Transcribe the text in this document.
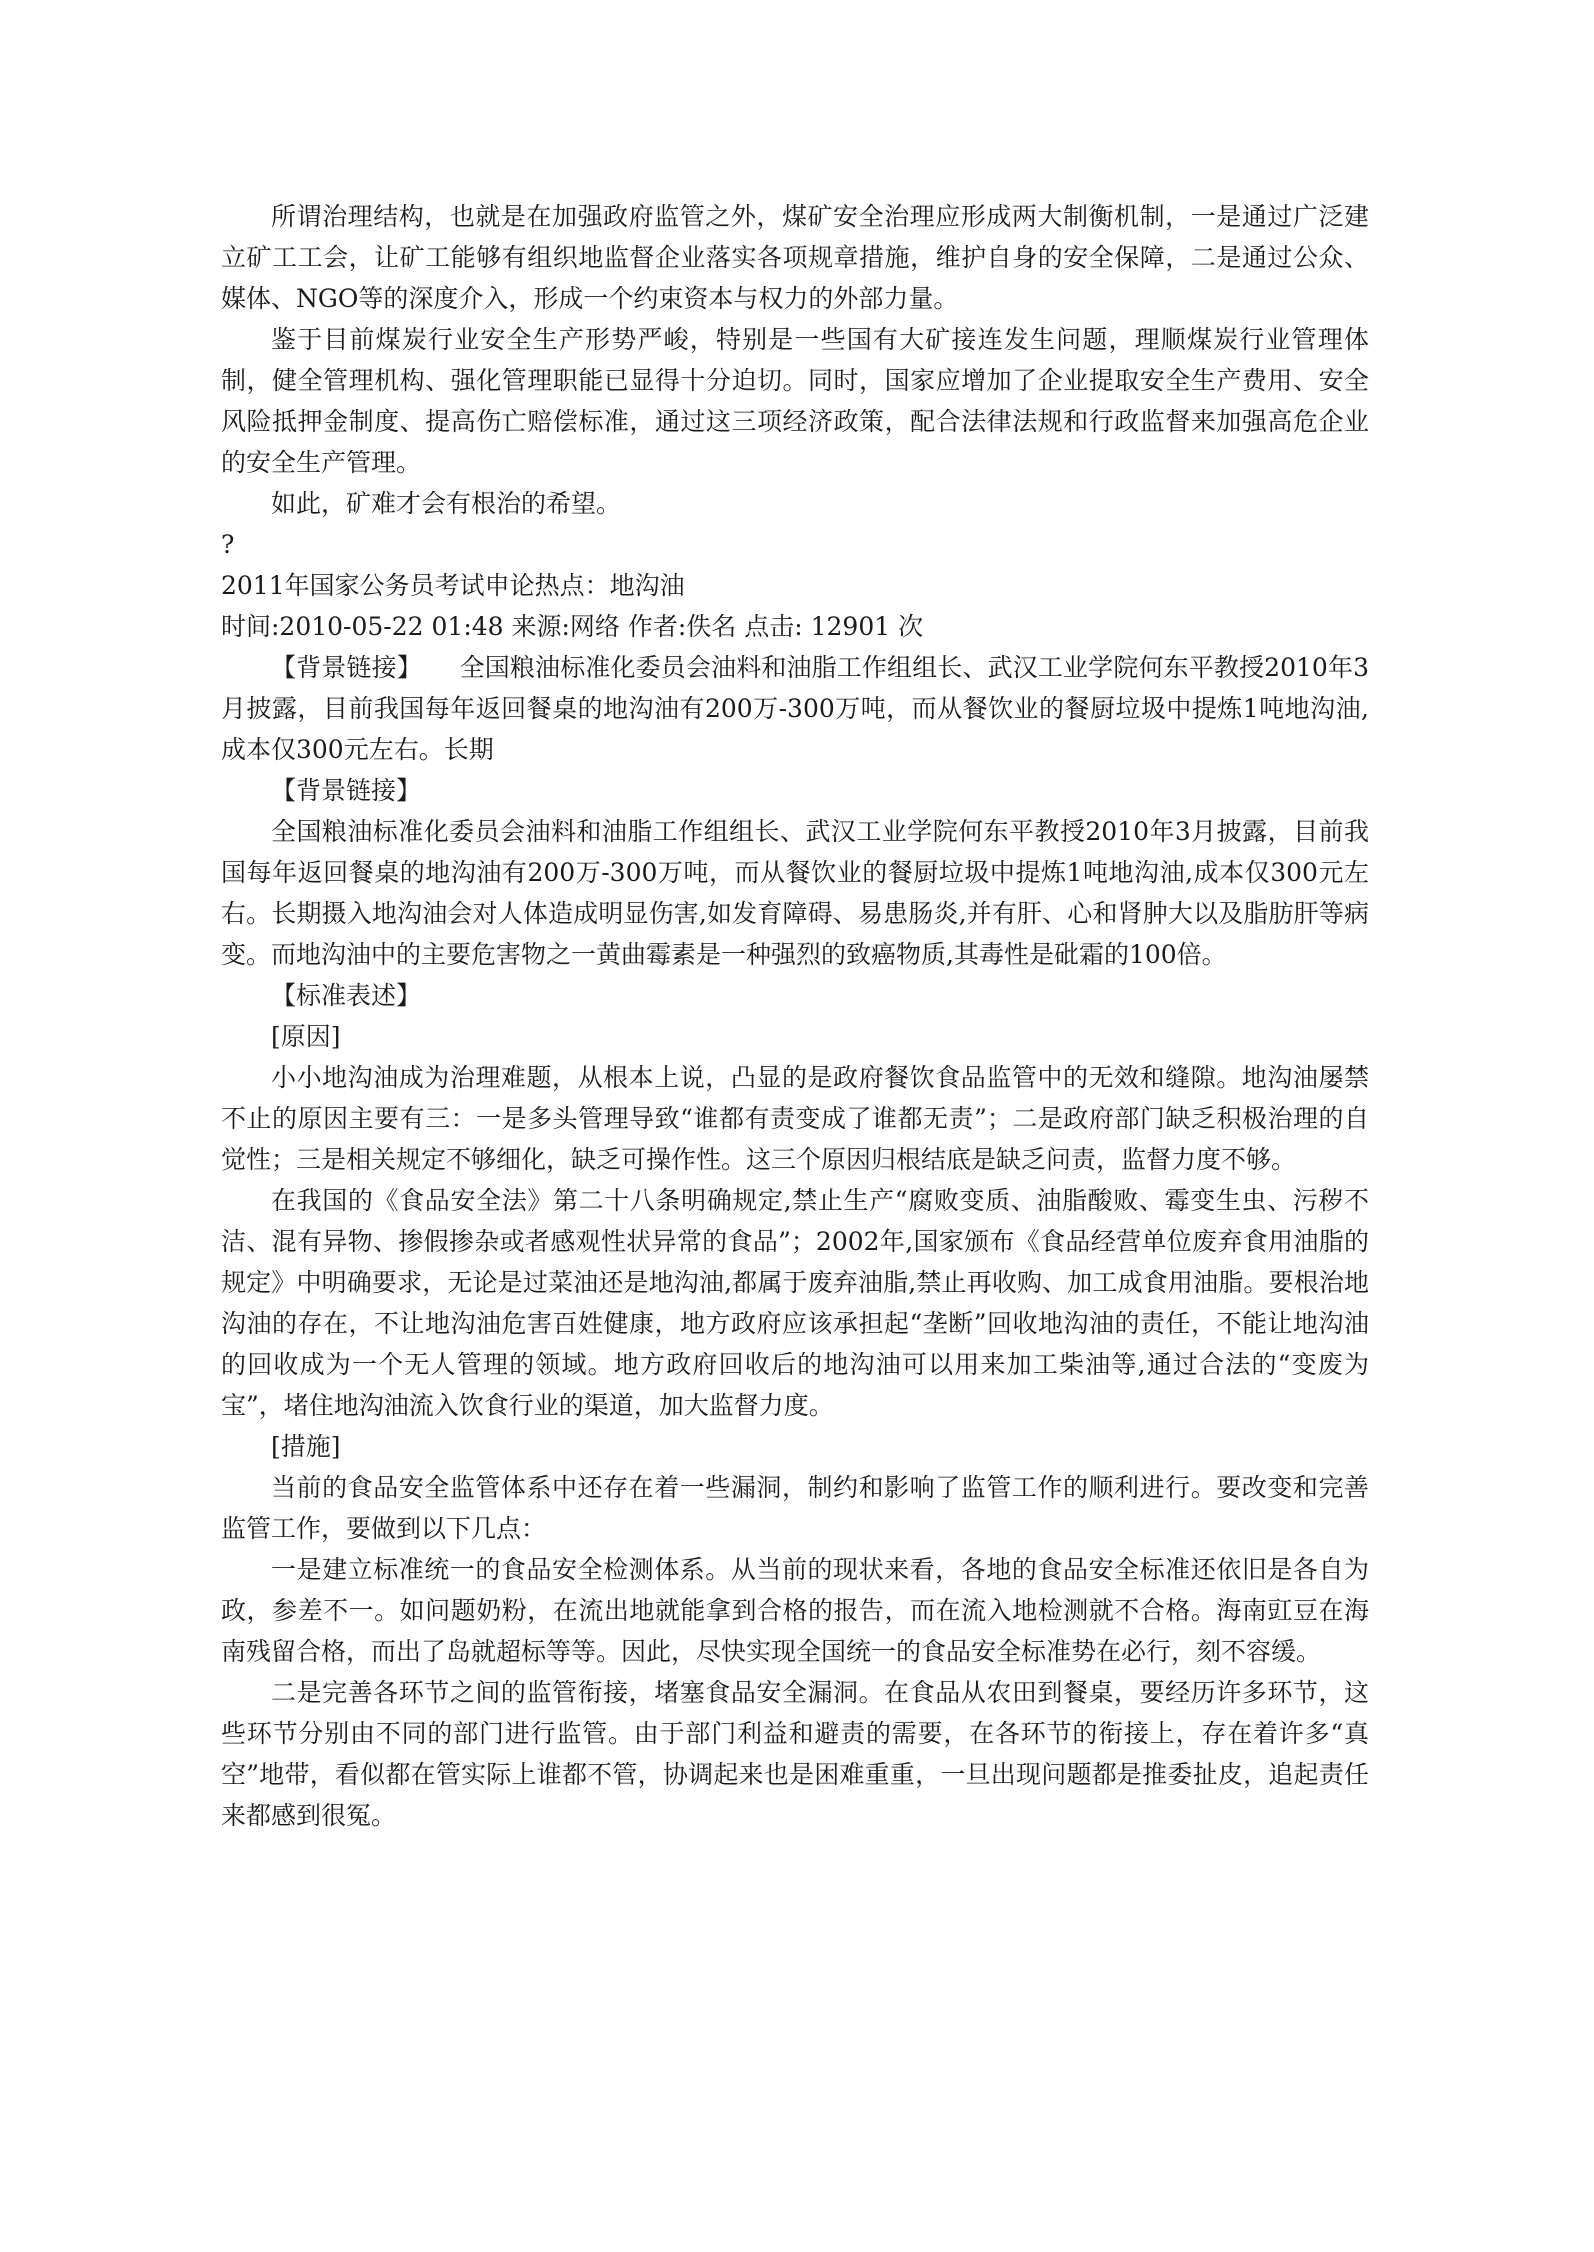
所谓治理结构，也就是在加强政府监管之外，煤矿安全治理应形成两大制衡机制，一是通过广泛建立矿工工会，让矿工能够有组织地监督企业落实各项规章措施，维护自身的安全保障，二是通过公众、媒体、NGO等的深度介入，形成一个约束资本与权力的外部力量。

鉴于目前煤炭行业安全生产形势严峻，特别是一些国有大矿接连发生问题，理顺煤炭行业管理体制，健全管理机构、强化管理职能已显得十分迫切。同时，国家应增加了企业提取安全生产费用、安全风险抵押金制度、提高伤亡赔偿标准，通过这三项经济政策，配合法律法规和行政监督来加强高危企业的安全生产管理。

如此，矿难才会有根治的希望。

?

2011年国家公务员考试申论热点：地沟油

时间:2010-05-22 01:48 来源:网络 作者:佚名 点击: 12901 次

【背景链接】　　全国粮油标准化委员会油料和油脂工作组组长、武汉工业学院何东平教授2010年3月披露，目前我国每年返回餐桌的地沟油有200万-300万吨，而从餐饮业的餐厨垃圾中提炼1吨地沟油,成本仅300元左右。长期

【背景链接】

全国粮油标准化委员会油料和油脂工作组组长、武汉工业学院何东平教授2010年3月披露，目前我国每年返回餐桌的地沟油有200万-300万吨，而从餐饮业的餐厨垃圾中提炼1吨地沟油,成本仅300元左右。长期摄入地沟油会对人体造成明显伤害,如发育障碍、易患肠炎,并有肝、心和肾肿大以及脂肪肝等病变。而地沟油中的主要危害物之一黄曲霉素是一种强烈的致癌物质,其毒性是砒霜的100倍。

【标准表述】

[原因]

小小地沟油成为治理难题，从根本上说，凸显的是政府餐饮食品监管中的无效和缝隙。地沟油屡禁不止的原因主要有三：一是多头管理导致“谁都有责变成了谁都无责”；二是政府部门缺乏积极治理的自觉性；三是相关规定不够细化，缺乏可操作性。这三个原因归根结底是缺乏问责，监督力度不够。

在我国的《食品安全法》第二十八条明确规定,禁止生产“腐败变质、油脂酸败、霉变生虫、污秽不洁、混有异物、掺假掺杂或者感观性状异常的食品”；2002年,国家颁布《食品经营单位废弃食用油脂的规定》中明确要求，无论是过菜油还是地沟油,都属于废弃油脂,禁止再收购、加工成食用油脂。要根治地沟油的存在，不让地沟油危害百姓健康，地方政府应该承担起“垄断”回收地沟油的责任，不能让地沟油的回收成为一个无人管理的领域。地方政府回收后的地沟油可以用来加工柴油等,通过合法的“变废为宝”，堵住地沟油流入饮食行业的渠道，加大监督力度。

[措施]

当前的食品安全监管体系中还存在着一些漏洞，制约和影响了监管工作的顺利进行。要改变和完善监管工作，要做到以下几点：

一是建立标准统一的食品安全检测体系。从当前的现状来看，各地的食品安全标准还依旧是各自为政，参差不一。如问题奶粉，在流出地就能拿到合格的报告，而在流入地检测就不合格。海南豇豆在海南残留合格，而出了岛就超标等等。因此，尽快实现全国统一的食品安全标准势在必行，刻不容缓。

二是完善各环节之间的监管衔接，堵塞食品安全漏洞。在食品从农田到餐桌，要经历许多环节，这些环节分别由不同的部门进行监管。由于部门利益和避责的需要，在各环节的衔接上，存在着许多“真空”地带，看似都在管实际上谁都不管，协调起来也是困难重重，一旦出现问题都是推委扯皮，追起责任来都感到很冤。
